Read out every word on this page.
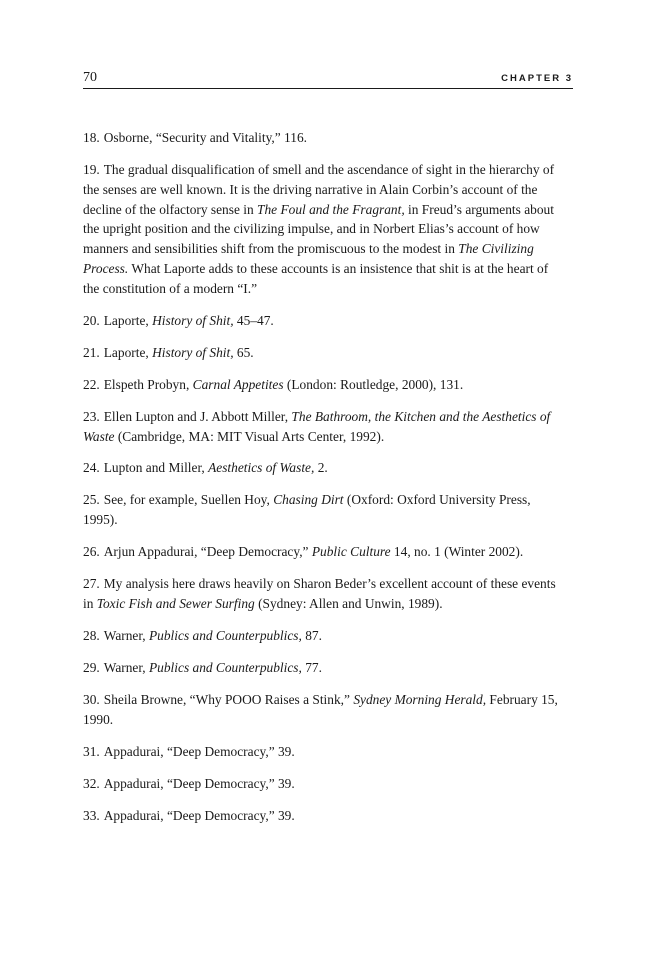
70	CHAPTER 3

18. Osborne, “Security and Vitality,” 116.

19. The gradual disqualification of smell and the ascendance of sight in the hierarchy of the senses are well known. It is the driving narrative in Alain Corbin’s account of the decline of the olfactory sense in The Foul and the Fragrant, in Freud’s arguments about the upright position and the civilizing impulse, and in Norbert Elias’s account of how manners and sensibilities shift from the promiscuous to the modest in The Civilizing Process. What Laporte adds to these accounts is an insistence that shit is at the heart of the constitution of a modern “I.”

20. Laporte, History of Shit, 45–47.

21. Laporte, History of Shit, 65.

22. Elspeth Probyn, Carnal Appetites (London: Routledge, 2000), 131.

23. Ellen Lupton and J. Abbott Miller, The Bathroom, the Kitchen and the Aesthetics of Waste (Cambridge, MA: MIT Visual Arts Center, 1992).

24. Lupton and Miller, Aesthetics of Waste, 2.

25. See, for example, Suellen Hoy, Chasing Dirt (Oxford: Oxford University Press, 1995).

26. Arjun Appadurai, “Deep Democracy,” Public Culture 14, no. 1 (Winter 2002).

27. My analysis here draws heavily on Sharon Beder’s excellent account of these events in Toxic Fish and Sewer Surfing (Sydney: Allen and Unwin, 1989).

28. Warner, Publics and Counterpublics, 87.

29. Warner, Publics and Counterpublics, 77.

30. Sheila Browne, “Why POOO Raises a Stink,” Sydney Morning Herald, February 15, 1990.

31. Appadurai, “Deep Democracy,” 39.

32. Appadurai, “Deep Democracy,” 39.

33. Appadurai, “Deep Democracy,” 39.
